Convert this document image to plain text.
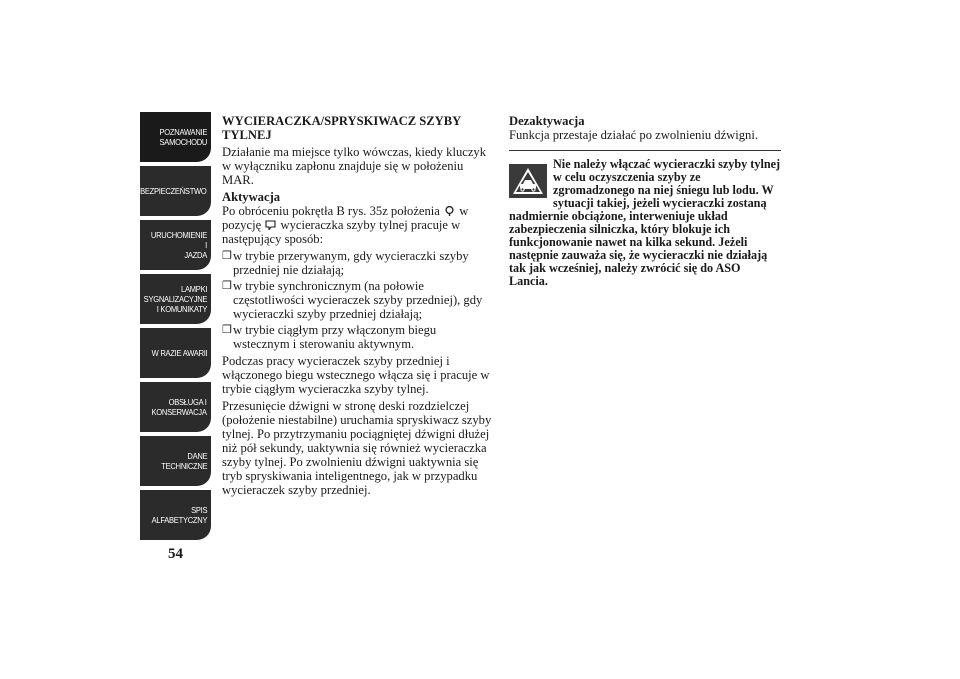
POZNAWANIE
SAMOCHODU
BEZPIECZEŃSTWO
URUCHOMIENIE I
JAZDA
LAMPKI
SYGNALIZACYJNE
I KOMUNIKATY
W RAZIE AWARII
OBSŁUGA I
KONSERWACJA
DANE
TECHNICZNE
SPIS
ALFABETYCZNY
54

WYCIERACZKA/SPRYSKIWACZ SZYBY TYLNEJ

Działanie ma miejsce tylko wówczas, kiedy kluczyk w wyłączniku zapłonu znajduje się w położeniu MAR.

Aktywacja

Po obróceniu pokrętła B rys. 35z położenia w pozycję wycieraczka szyby tylnej pracuje w następujący sposób:

❒ w trybie przerywanym, gdy wycieraczki szyby przedniej nie działają;
❒ w trybie synchronicznym (na połowie częstotliwości wycieraczek szyby przedniej), gdy wycieraczki szyby przedniej działają;
❒ w trybie ciągłym przy włączonym biegu wstecznym i sterowaniu aktywnym.

Podczas pracy wycieraczek szyby przedniej i włączonego biegu wstecznego włącza się i pracuje w trybie ciągłym wycieraczka szyby tylnej.

Przesunięcie dźwigni w stronę deski rozdzielczej (położenie niestabilne) uruchamia spryskiwacz szyby tylnej. Po przytrzymaniu pociągniętej dźwigni dłużej niż pół sekundy, uaktywnia się również wycieraczka szyby tylnej. Po zwolnieniu dźwigni uaktywnia się tryb spryskiwania inteligentnego, jak w przypadku wycieraczek szyby przedniej.

Dezaktywacja

Funkcja przestaje działać po zwolnieniu dźwigni.

Nie należy włączać wycieraczki szyby tylnej w celu oczyszczenia szyby ze zgromadzonego na niej śniegu lub lodu. W sytuacji takiej, jeżeli wycieraczki zostaną nadmiernie obciążone, interweniuje układ zabezpieczenia silniczka, który blokuje ich funkcjonowanie nawet na kilka sekund. Jeżeli następnie zauważa się, że wycieraczki nie działają tak jak wcześniej, należy zwrócić się do ASO Lancia.
